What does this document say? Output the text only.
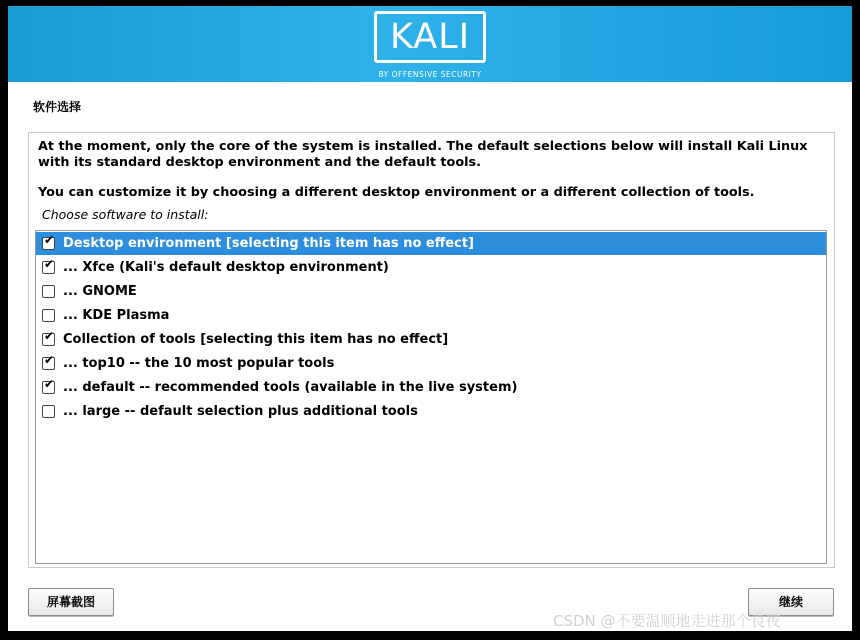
KALI
BY OFFENSIVE SECURITY
软件选择

At the moment, only the core of the system is installed. The default selections below will install Kali Linux with its standard desktop environment and the default tools.

You can customize it by choosing a different desktop environment or a different collection of tools.

Choose software to install:
✔ Desktop environment [selecting this item has no effect]
✔ ... Xfce (Kali's default desktop environment)
... GNOME
... KDE Plasma
✔ Collection of tools [selecting this item has no effect]
✔ ... top10 -- the 10 most popular tools
✔ ... default -- recommended tools (available in the live system)
... large -- default selection plus additional tools
屏幕截图	继续
CSDN @不要温顺地走进那个良夜
